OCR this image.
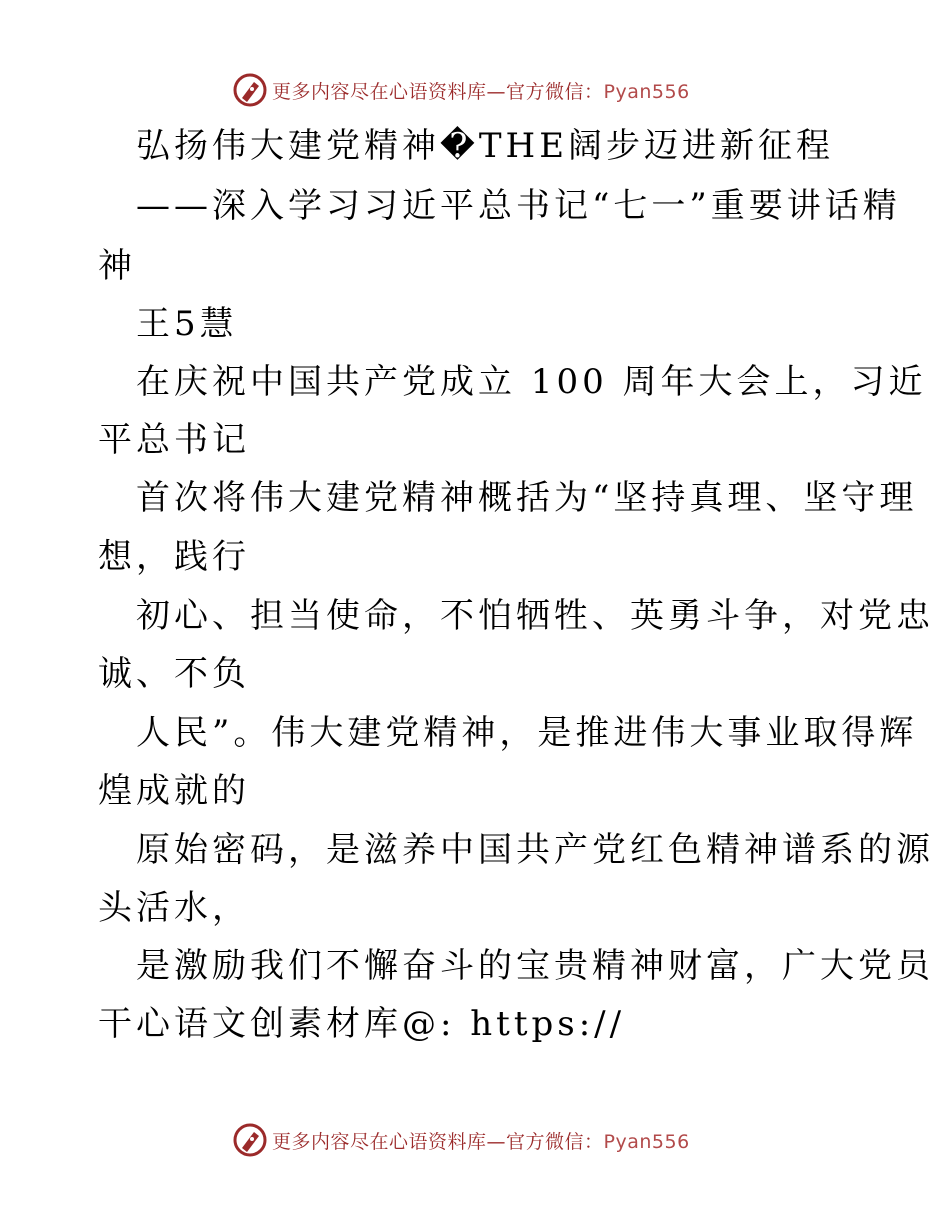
更多内容尽在心语资料库—官方微信：Pyan556
弘扬伟大建党精神�THE阔步迈进新征程
——深入学习习近平总书记“七一”重要讲话精
神
王5慧
在庆祝中国共产党成立 100 周年大会上，习近
平总书记
首次将伟大建党精神概括为“坚持真理、坚守理
想，践行
初心、担当使命，不怕牺牲、英勇斗争，对党忠
诚、不负
人民”。伟大建党精神，是推进伟大事业取得辉
煌成就的
原始密码，是滋养中国共产党红色精神谱系的源
头活水，
是激励我们不懈奋斗的宝贵精神财富，广大党员
干心语文创素材库@: https://
更多内容尽在心语资料库—官方微信：Pyan556
